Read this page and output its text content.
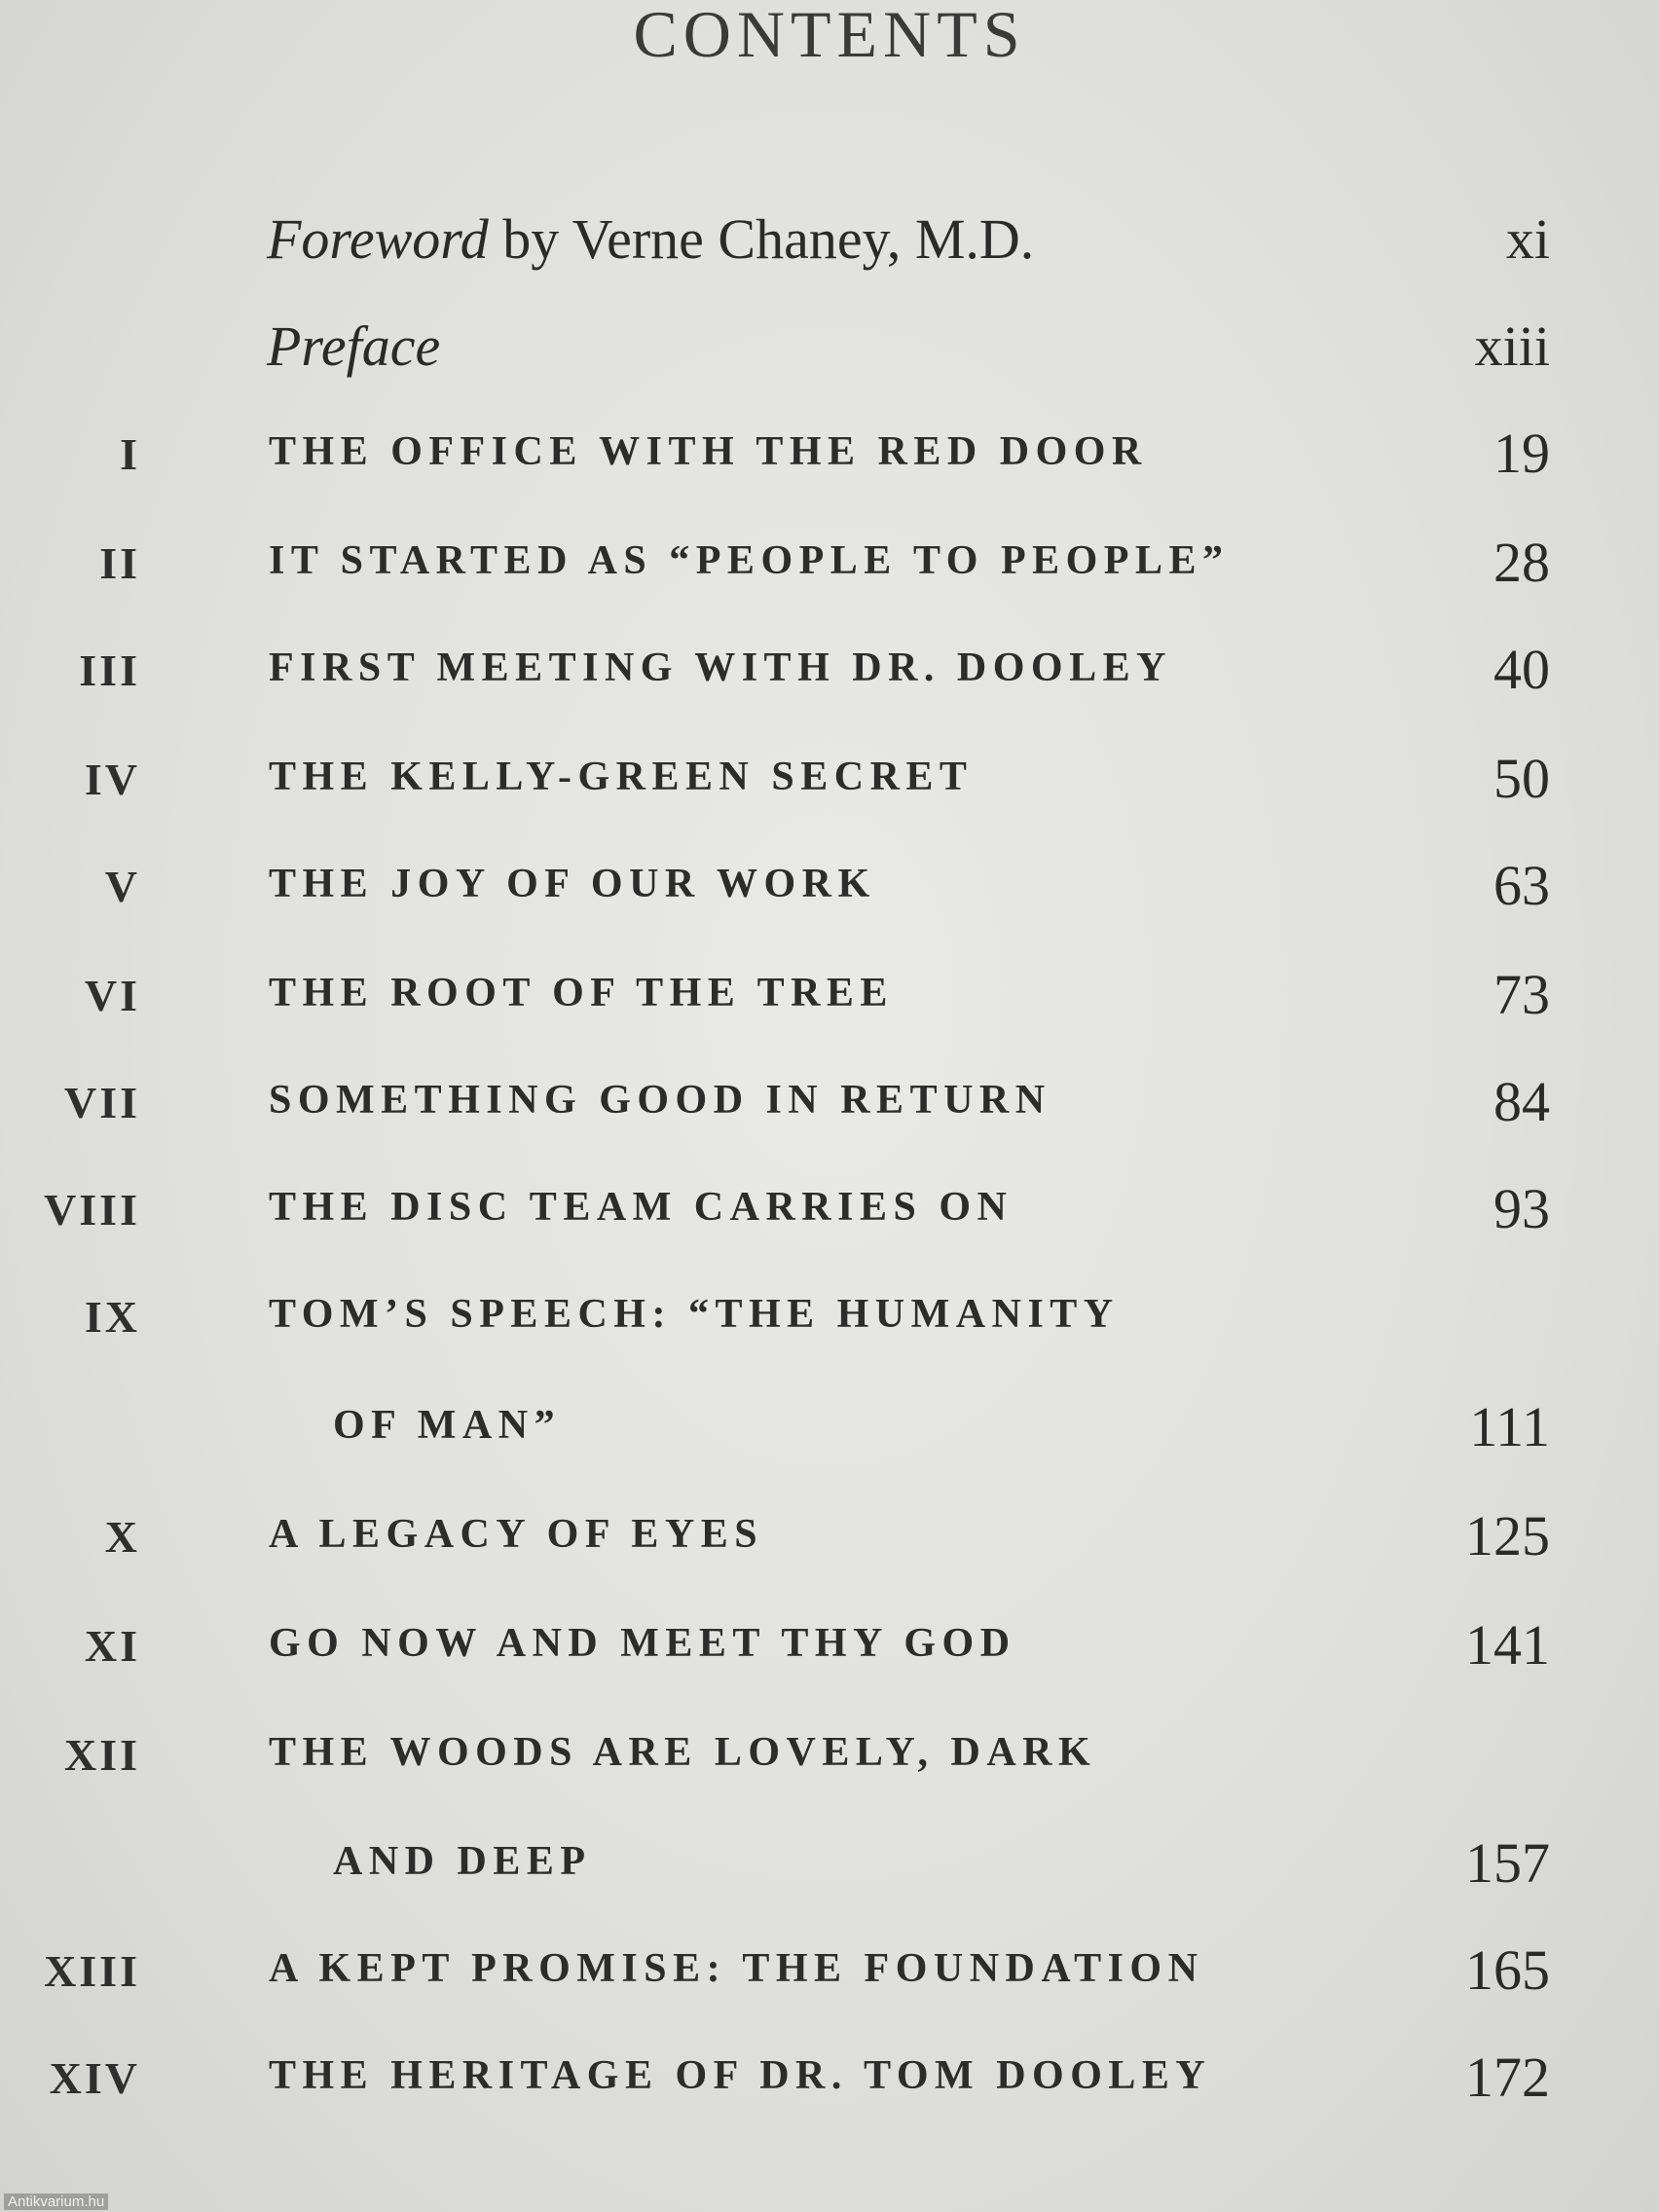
CONTENTS
Foreword by Verne Chaney, M.D.	xi
Preface	xiii
I	THE OFFICE WITH THE RED DOOR	19
II	IT STARTED AS “PEOPLE TO PEOPLE”	28
III	FIRST MEETING WITH DR. DOOLEY	40
IV	THE KELLY-GREEN SECRET	50
V	THE JOY OF OUR WORK	63
VI	THE ROOT OF THE TREE	73
VII	SOMETHING GOOD IN RETURN	84
VIII	THE DISC TEAM CARRIES ON	93
IX	TOM’S SPEECH: “THE HUMANITY
OF MAN”	111
X	A LEGACY OF EYES	125
XI	GO NOW AND MEET THY GOD	141
XII	THE WOODS ARE LOVELY, DARK
AND DEEP	157
XIII	A KEPT PROMISE: THE FOUNDATION	165
XIV	THE HERITAGE OF DR. TOM DOOLEY	172
Antikvarium.hu
